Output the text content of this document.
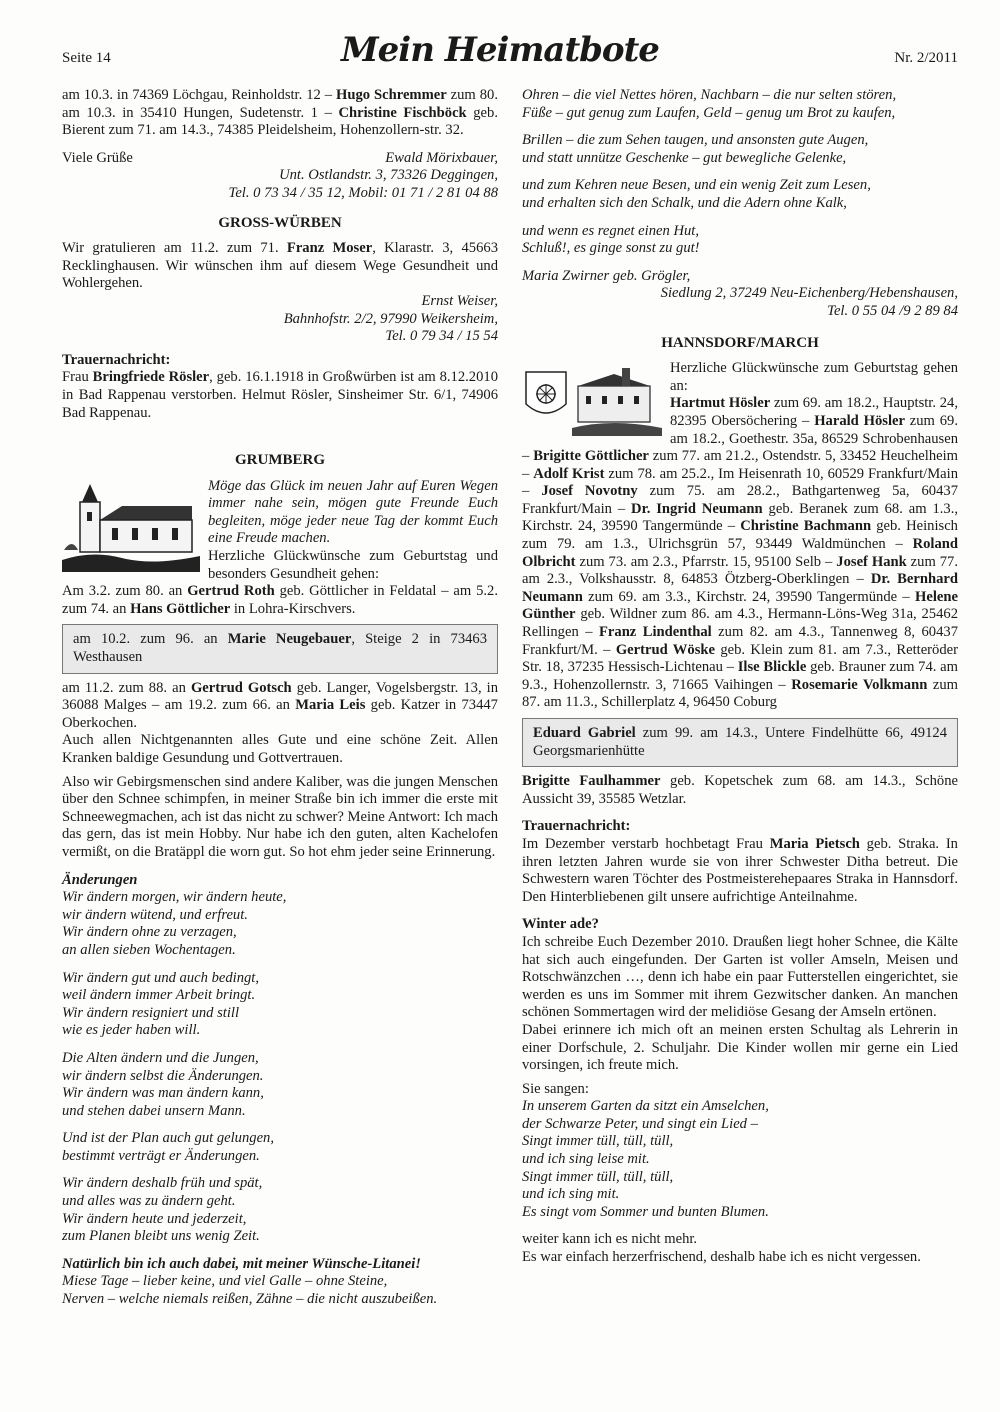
Seite 14	Mein Heimatbote	Nr. 2/2011

am 10.3. in 74369 Löchgau, Reinholdstr. 12 – Hugo Schremmer zum 80. am 10.3. in 35410 Hungen, Sudetenstr. 1 – Christine Fischböck geb. Bierent zum 71. am 14.3., 74385 Pleidelsheim, Hohenzollern-str. 32.

Viele Grüße	Ewald Mörixbauer,

Unt. Ostlandstr. 3, 73326 Deggingen,

Tel. 0 73 34 / 35 12, Mobil: 01 71 / 2 81 04 88

GROSS-WÜRBEN

Wir gratulieren am 11.2. zum 71. Franz Moser, Klarastr. 3, 45663 Recklinghausen. Wir wünschen ihm auf diesem Wege Gesundheit und Wohlergehen.

Ernst Weiser,

Bahnhofstr. 2/2, 97990 Weikersheim,

Tel. 0 79 34 / 15 54

Trauernachricht:

Frau Bringfriede Rösler, geb. 16.1.1918 in Großwürben ist am 8.12.2010 in Bad Rappenau verstorben. Helmut Rösler, Sinsheimer Str. 6/1, 74906 Bad Rappenau.

GRUMBERG

Möge das Glück im neuen Jahr auf Euren Wegen immer nahe sein, mögen gute Freunde Euch begleiten, möge jeder neue Tag der kommt Euch eine Freude machen.

Herzliche Glückwünsche zum Geburtstag und besonders Gesundheit gehen:

Am 3.2. zum 80. an Gertrud Roth geb. Göttlicher in Feldatal – am 5.2. zum 74. an Hans Göttlicher in Lohra-Kirschvers.

am 10.2. zum 96. an Marie Neugebauer, Steige 2 in 73463 Westhausen

am 11.2. zum 88. an Gertrud Gotsch geb. Langer, Vogelsbergstr. 13, in 36088 Malges – am 19.2. zum 66. an Maria Leis geb. Katzer in 73447 Oberkochen.

Auch allen Nichtgenannten alles Gute und eine schöne Zeit. Allen Kranken baldige Gesundung und Gottvertrauen.

Also wir Gebirgsmenschen sind andere Kaliber, was die jungen Menschen über den Schnee schimpfen, in meiner Straße bin ich immer die erste mit Schneewegmachen, ach ist das nicht zu schwer? Meine Antwort: Ich mach das gern, das ist mein Hobby. Nur habe ich den guten, alten Kachelofen vermißt, on die Bratäppl die worn gut. So hot ehm jeder seine Erinnerung.

Änderungen

Wir ändern morgen, wir ändern heute,

wir ändern wütend, und erfreut.

Wir ändern ohne zu verzagen,

an allen sieben Wochentagen.

Wir ändern gut und auch bedingt,

weil ändern immer Arbeit bringt.

Wir ändern resigniert und still

wie es jeder haben will.

Die Alten ändern und die Jungen,

wir ändern selbst die Änderungen.

Wir ändern was man ändern kann,

und stehen dabei unsern Mann.

Und ist der Plan auch gut gelungen,

bestimmt verträgt er Änderungen.

Wir ändern deshalb früh und spät,

und alles was zu ändern geht.

Wir ändern heute und jederzeit,

zum Planen bleibt uns wenig Zeit.

Natürlich bin ich auch dabei, mit meiner Wünsche-Litanei!

Miese Tage – lieber keine, und viel Galle – ohne Steine,

Nerven – welche niemals reißen, Zähne – die nicht auszubeißen.

Ohren – die viel Nettes hören, Nachbarn – die nur selten stören,

Füße – gut genug zum Laufen, Geld – genug um Brot zu kaufen,

Brillen – die zum Sehen taugen, und ansonsten gute Augen,

und statt unnütze Geschenke – gut bewegliche Gelenke,

und zum Kehren neue Besen, und ein wenig Zeit zum Lesen,

und erhalten sich den Schalk, und die Adern ohne Kalk,

und wenn es regnet einen Hut,

Schluß!, es ginge sonst zu gut!

Maria Zwirner geb. Grögler,

Siedlung 2, 37249 Neu-Eichenberg/Hebenshausen,

Tel. 0 55 04 /9 2 89 84

HANNSDORF/MARCH

Herzliche Glückwünsche zum Geburtstag gehen an:

Hartmut Hösler zum 69. am 18.2., Hauptstr. 24, 82395 Obersöchering – Harald Hösler zum 69. am 18.2., Goethestr. 35a, 86529 Schrobenhausen – Brigitte Göttlicher zum 77. am 21.2., Ostendstr. 5, 33452 Heuchelheim – Adolf Krist zum 78. am 25.2., Im Heisenrath 10, 60529 Frankfurt/Main – Josef Novotny zum 75. am 28.2., Bathgartenweg 5a, 60437 Frankfurt/Main – Dr. Ingrid Neumann geb. Beranek zum 68. am 1.3., Kirchstr. 24, 39590 Tangermünde – Christine Bachmann geb. Heinisch zum 79. am 1.3., Ulrichsgrün 57, 93449 Waldmünchen – Roland Olbricht zum 73. am 2.3., Pfarrstr. 15, 95100 Selb – Josef Hank zum 77. am 2.3., Volkshausstr. 8, 64853 Ötzberg-Oberklingen – Dr. Bernhard Neumann zum 69. am 3.3., Kirchstr. 24, 39590 Tangermünde – Helene Günther geb. Wildner zum 86. am 4.3., Hermann-Löns-Weg 31a, 25462 Rellingen – Franz Lindenthal zum 82. am 4.3., Tannenweg 8, 60437 Frankfurt/M. – Gertrud Wöske geb. Klein zum 81. am 7.3., Retteröder Str. 18, 37235 Hessisch-Lichtenau – Ilse Blickle geb. Brauner zum 74. am 9.3., Hohenzollernstr. 3, 71665 Vaihingen – Rosemarie Volkmann zum 87. am 11.3., Schillerplatz 4, 96450 Coburg

Eduard Gabriel zum 99. am 14.3., Untere Findelhütte 66, 49124 Georgsmarienhütte

Brigitte Faulhammer geb. Kopetschek zum 68. am 14.3., Schöne Aussicht 39, 35585 Wetzlar.

Trauernachricht:

Im Dezember verstarb hochbetagt Frau Maria Pietsch geb. Straka. In ihren letzten Jahren wurde sie von ihrer Schwester Ditha betreut. Die Schwestern waren Töchter des Postmeisterehepaares Straka in Hannsdorf. Den Hinterbliebenen gilt unsere aufrichtige Anteilnahme.

Winter ade?

Ich schreibe Euch Dezember 2010. Draußen liegt hoher Schnee, die Kälte hat sich auch eingefunden. Der Garten ist voller Amseln, Meisen und Rotschwänzchen …, denn ich habe ein paar Futterstellen eingerichtet, sie werden es uns im Sommer mit ihrem Gezwitscher danken. An manchen schönen Sommertagen wird der melidiöse Gesang der Amseln ertönen.

Dabei erinnere ich mich oft an meinen ersten Schultag als Lehrerin in einer Dorfschule, 2. Schuljahr. Die Kinder wollen mir gerne ein Lied vorsingen, ich freute mich.

Sie sangen:

In unserem Garten da sitzt ein Amselchen,

der Schwarze Peter, und singt ein Lied –

Singt immer tüll, tüll, tüll,

und ich sing leise mit.

Singt immer tüll, tüll, tüll,

und ich sing mit.

Es singt vom Sommer und bunten Blumen.

weiter kann ich es nicht mehr.

Es war einfach herzerfrischend, deshalb habe ich es nicht vergessen.
